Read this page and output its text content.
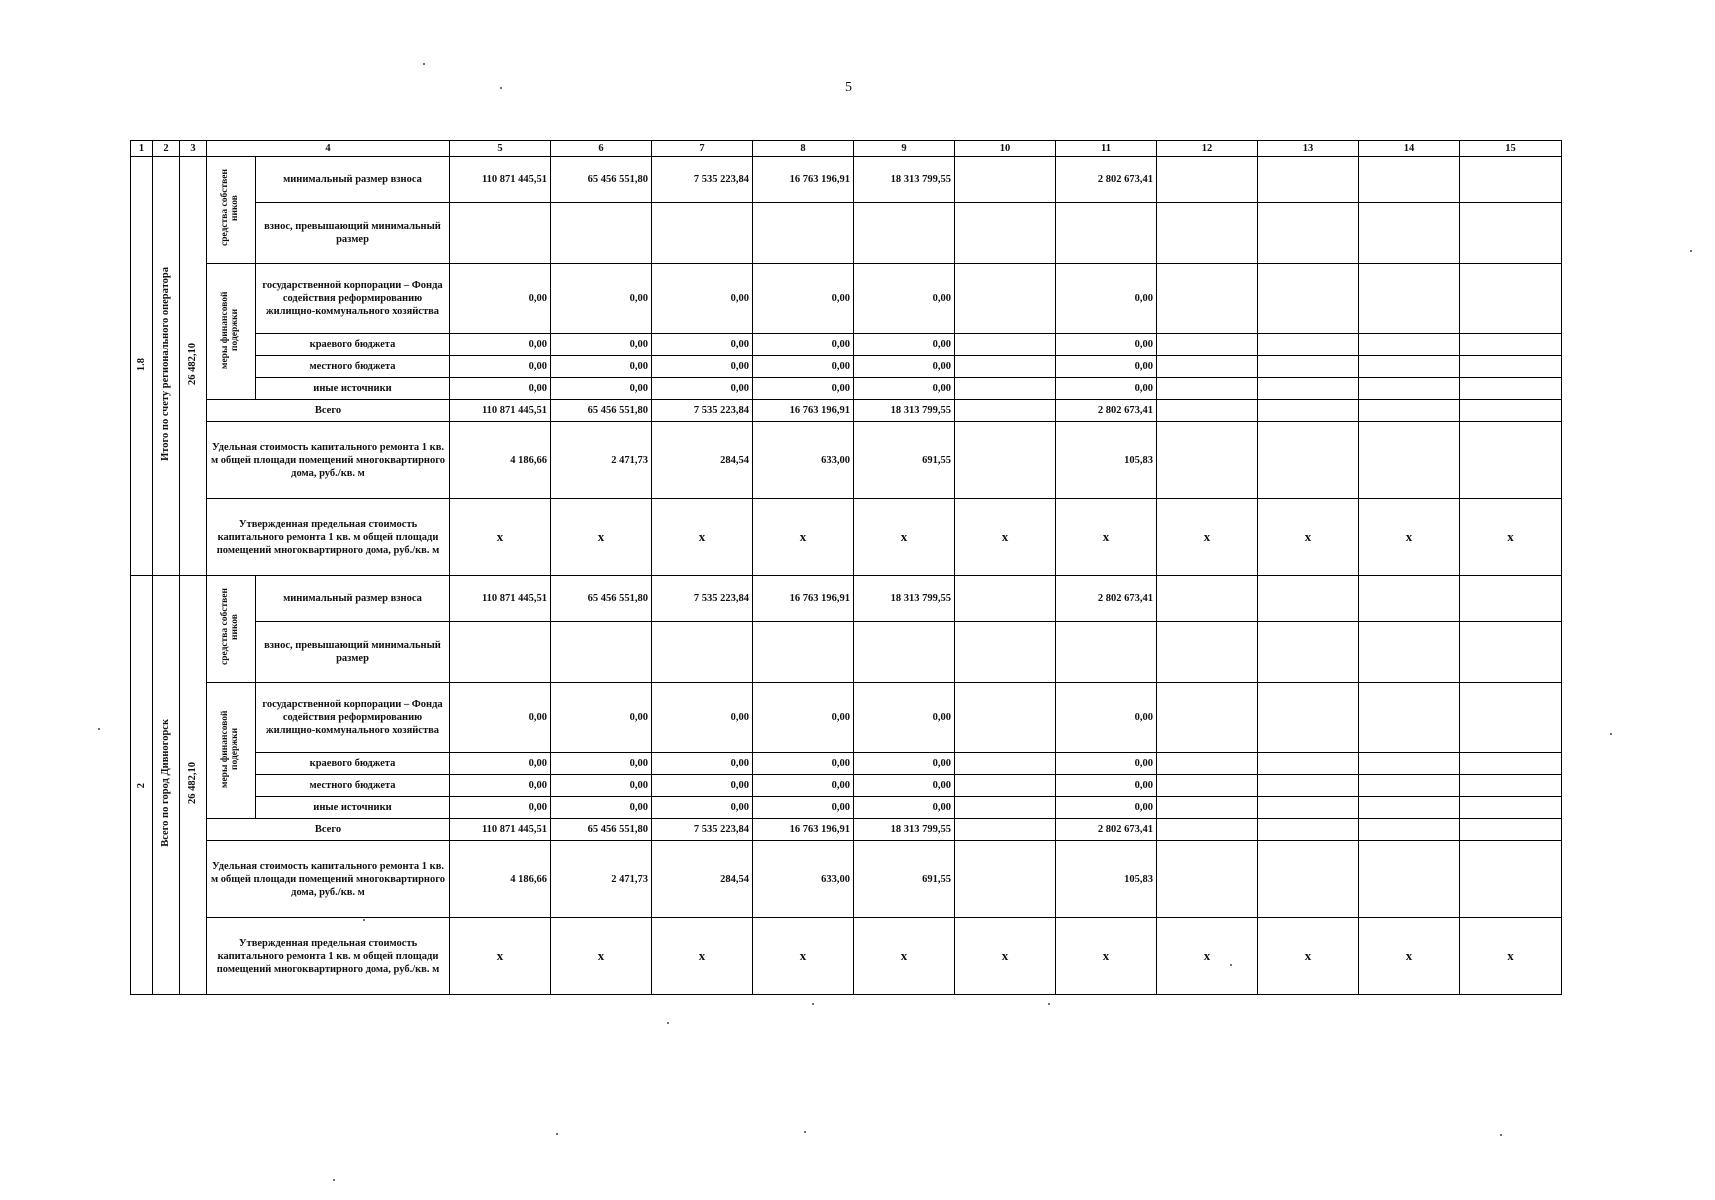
5
1	2	3	4		5	6	7	8	9	10	11	12	13	14	15
1.8	Итого по счету регионального оператора	26 482,10	средства собствен ников	минимальный размер взноса	110 871 445,51	65 456 551,80	7 535 223,84	16 763 196,91	18 313 799,55		2 802 673,41				
				взнос, превышающий минимальный размер											
			меры финансовой подержки	государственной корпорации – Фонда содействия реформированию жилищно-коммунального хозяйства	0,00	0,00	0,00	0,00	0,00		0,00				
				краевого бюджета	0,00	0,00	0,00	0,00	0,00		0,00				
				местного бюджета	0,00	0,00	0,00	0,00	0,00		0,00				
				иные источники	0,00	0,00	0,00	0,00	0,00		0,00				
			Всего		110 871 445,51	65 456 551,80	7 535 223,84	16 763 196,91	18 313 799,55		2 802 673,41				
			Удельная стоимость капитального ремонта 1 кв. м общей площади помещений многоквартирного дома, руб./кв. м		4 186,66	2 471,73	284,54	633,00	691,55		105,83				
			Утвержденная предельная стоимость капитального ремонта 1 кв. м общей площади помещений многоквартирного дома, руб./кв. м		x	x	x	x	x	x	x	x	x	x	x
2	Всего по город Дивногорск	26 482,10	средства собствен ников	минимальный размер взноса	110 871 445,51	65 456 551,80	7 535 223,84	16 763 196,91	18 313 799,55		2 802 673,41				
				взнос, превышающий минимальный размер											
			меры финансовой подержки	государственной корпорации – Фонда содействия реформированию жилищно-коммунального хозяйства	0,00	0,00	0,00	0,00	0,00		0,00				
				краевого бюджета	0,00	0,00	0,00	0,00	0,00		0,00				
				местного бюджета	0,00	0,00	0,00	0,00	0,00		0,00				
				иные источники	0,00	0,00	0,00	0,00	0,00		0,00				
			Всего		110 871 445,51	65 456 551,80	7 535 223,84	16 763 196,91	18 313 799,55		2 802 673,41				
			Удельная стоимость капитального ремонта 1 кв. м общей площади помещений многоквартирного дома, руб./кв. м		4 186,66	2 471,73	284,54	633,00	691,55		105,83				
			Утвержденная предельная стоимость капитального ремонта 1 кв. м общей площади помещений многоквартирного дома, руб./кв. м		x	x	x	x	x	x	x	x	x	x	x
